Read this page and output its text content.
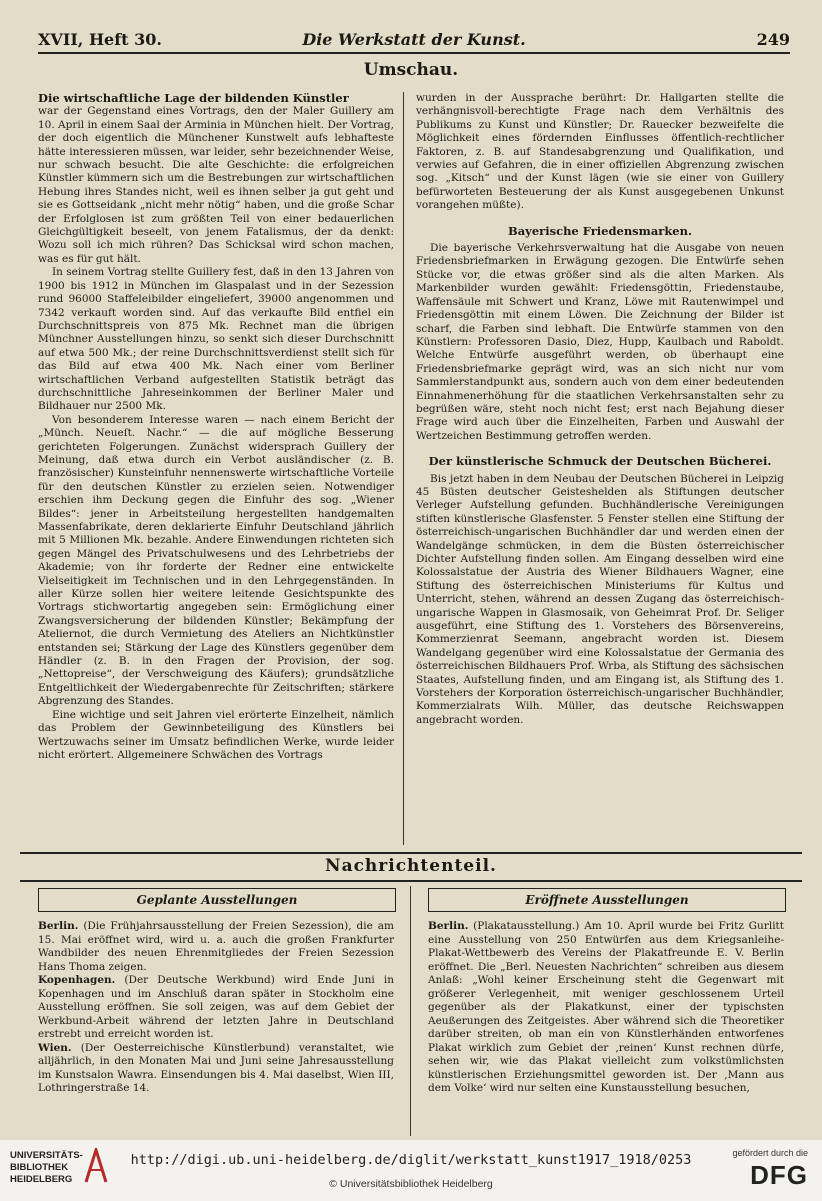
XVII, Heft 30.	Die Werkstatt der Kunst.	249
Umschau.

Die wirtschaftliche Lage der bildenden Künstler

war der Gegenstand eines Vortrags, den der Maler Guillery am 10. April in einem Saal der Arminia in München hielt. Der Vortrag, der doch eigentlich die Münchener Kunstwelt aufs lebhafteste hätte interessieren müssen, war leider, sehr bezeichnender Weise, nur schwach besucht. Die alte Geschichte: die erfolgreichen Künstler kümmern sich um die Bestrebungen zur wirtschaftlichen Hebung ihres Standes nicht, weil es ihnen selber ja gut geht und sie es Gottseidank „nicht mehr nötig“ haben, und die große Schar der Erfolglosen ist zum größten Teil von einer bedauerlichen Gleichgültigkeit beseelt, von jenem Fatalismus, der da denkt: Wozu soll ich mich rühren? Das Schicksal wird schon machen, was es für gut hält.

In seinem Vortrag stellte Guillery fest, daß in den 13 Jahren von 1900 bis 1912 in München im Glaspalast und in der Sezession rund 96000 Staffeleibilder eingeliefert, 39000 angenommen und 7342 verkauft worden sind. Auf das verkaufte Bild entfiel ein Durchschnittspreis von 875 Mk. Rechnet man die übrigen Münchner Ausstellungen hinzu, so senkt sich dieser Durchschnitt auf etwa 500 Mk.; der reine Durchschnittsverdienst stellt sich für das Bild auf etwa 400 Mk. Nach einer vom Berliner wirtschaftlichen Verband aufgestellten Statistik beträgt das durchschnittliche Jahreseinkommen der Berliner Maler und Bildhauer nur 2500 Mk.

Von besonderem Interesse waren — nach einem Bericht der „Münch. Neueſt. Nachr.“ — die auf mögliche Besserung gerichteten Folgerungen. Zunächst widersprach Guillery der Meinung, daß etwa durch ein Verbot ausländischer (z. B. französischer) Kunsteinfuhr nennenswerte wirtschaftliche Vorteile für den deutschen Künstler zu erzielen seien. Notwendiger erschien ihm Deckung gegen die Einfuhr des sog. „Wiener Bildes“: jener in Arbeitsteilung hergestellten handgemalten Massenfabrikate, deren deklarierte Einfuhr Deutschland jährlich mit 5 Millionen Mk. bezahle. Andere Einwendungen richteten sich gegen Mängel des Privatschulwesens und des Lehrbetriebs der Akademie; von ihr forderte der Redner eine entwickelte Vielseitigkeit im Technischen und in den Lehrgegenständen. In aller Kürze sollen hier weitere leitende Gesichtspunkte des Vortrags stichwortartig angegeben sein: Ermöglichung einer Zwangsversicherung der bildenden Künstler; Bekämpfung der Ateliernot, die durch Vermietung des Ateliers an Nichtkünstler entstanden sei; Stärkung der Lage des Künstlers gegenüber dem Händler (z. B. in den Fragen der Provision, der sog. „Nettopreise“, der Verschweigung des Käufers); grundsätzliche Entgeltlichkeit der Wiedergabenrechte für Zeitschriften; stärkere Abgrenzung des Standes.

Eine wichtige und seit Jahren viel erörterte Einzelheit, nämlich das Problem der Gewinnbeteiligung des Künstlers bei Wertzuwachs seiner im Umsatz befindlichen Werke, wurde leider nicht erörtert. Allgemeinere Schwächen des Vortrags

wurden in der Aussprache berührt: Dr. Hallgarten stellte die verhängnisvoll-berechtigte Frage nach dem Verhältnis des Publikums zu Kunst und Künstler; Dr. Rauecker bezweifelte die Möglichkeit eines fördernden Einflusses öffentlich-rechtlicher Faktoren, z. B. auf Standesabgrenzung und Qualifikation, und verwies auf Gefahren, die in einer offiziellen Abgrenzung zwischen sog. „Kitsch“ und der Kunst lägen (wie sie einer von Guillery befürworteten Besteuerung der als Kunst ausgegebenen Unkunst vorangehen müßte).

Bayerische Friedensmarken.

Die bayerische Verkehrsverwaltung hat die Ausgabe von neuen Friedensbriefmarken in Erwägung gezogen. Die Entwürfe sehen Stücke vor, die etwas größer sind als die alten Marken. Als Markenbilder wurden gewählt: Friedensgöttin, Friedenstaube, Waffensäule mit Schwert und Kranz, Löwe mit Rautenwimpel und Friedensgöttin mit einem Löwen. Die Zeichnung der Bilder ist scharf, die Farben sind lebhaft. Die Entwürfe stammen von den Künstlern: Professoren Dasio, Diez, Hupp, Kaulbach und Raboldt. Welche Entwürfe ausgeführt werden, ob überhaupt eine Friedensbriefmarke geprägt wird, was an sich nicht nur vom Sammlerstandpunkt aus, sondern auch von dem einer bedeutenden Einnahmenerhöhung für die staatlichen Verkehrsanstalten sehr zu begrüßen wäre, steht noch nicht fest; erst nach Bejahung dieser Frage wird auch über die Einzelheiten, Farben und Auswahl der Wertzeichen Bestimmung getroffen werden.

Der künstlerische Schmuck der Deutschen Bücherei.

Bis jetzt haben in dem Neubau der Deutschen Bücherei in Leipzig 45 Büsten deutscher Geisteshelden als Stiftungen deutscher Verleger Aufstellung gefunden. Buchhändlerische Vereinigungen stiften künstlerische Glasfenster. 5 Fenster stellen eine Stiftung der österreichisch-ungarischen Buchhändler dar und werden einen der Wandelgänge schmücken, in dem die Büsten österreichischer Dichter Aufstellung finden sollen. Am Eingang desselben wird eine Kolossalstatue der Austria des Wiener Bildhauers Wagner, eine Stiftung des österreichischen Ministeriums für Kultus und Unterricht, stehen, während an dessen Zugang das österreichisch-ungarische Wappen in Glasmosaik, von Geheimrat Prof. Dr. Seliger ausgeführt, eine Stiftung des 1. Vorstehers des Börsenvereins, Kommerzienrat Seemann, angebracht worden ist. Diesem Wandelgang gegenüber wird eine Kolossalstatue der Germania des österreichischen Bildhauers Prof. Wrba, als Stiftung des sächsischen Staates, Aufstellung finden, und am Eingang ist, als Stiftung des 1. Vorstehers der Korporation österreichisch-ungarischer Buchhändler, Kommerzialrats Wilh. Müller, das deutsche Reichswappen angebracht worden.

Nachrichtenteil.
Geplante Ausstellungen	Eröffnete Ausstellungen

Berlin. (Die Frühjahrsausstellung der Freien Sezession), die am 15. Mai eröffnet wird, wird u. a. auch die großen Frankfurter Wandbilder des neuen Ehrenmitgliedes der Freien Sezession Hans Thoma zeigen.

Kopenhagen. (Der Deutsche Werkbund) wird Ende Juni in Kopenhagen und im Anschluß daran später in Stockholm eine Ausstellung eröffnen. Sie soll zeigen, was auf dem Gebiet der Werkbund-Arbeit während der letzten Jahre in Deutschland erstrebt und erreicht worden ist.

Wien. (Der Oesterreichische Künstlerbund) veranstaltet, wie alljährlich, in den Monaten Mai und Juni seine Jahresausstellung im Kunstsalon Wawra. Einsendungen bis 4. Mai daselbst, Wien III, Lothringerstraße 14.

Berlin. (Plakatausstellung.) Am 10. April wurde bei Fritz Gurlitt eine Ausstellung von 250 Entwürfen aus dem Kriegsanleihe-Plakat-Wettbewerb des Vereins der Plakatfreunde E. V. Berlin eröffnet. Die „Berl. Neuesten Nachrichten“ schreiben aus diesem Anlaß: „Wohl keiner Erscheinung steht die Gegenwart mit größerer Verlegenheit, mit weniger geschlossenem Urteil gegenüber als der Plakatkunst, einer der typischsten Aeußerungen des Zeitgeistes. Aber während sich die Theoretiker darüber streiten, ob man ein von Künstlerhänden entworfenes Plakat wirklich zum Gebiet der ‚reinen‘ Kunst rechnen dürfe, sehen wir, wie das Plakat vielleicht zum volkstümlichsten künstlerischen Erziehungsmittel geworden ist. Der ‚Mann aus dem Volke‘ wird nur selten eine Kunstausstellung besuchen,

UNIVERSITÄTS-
BIBLIOTHEK
HEIDELBERG
http://digi.ub.uni-heidelberg.de/diglit/werkstatt_kunst1917_1918/0253
© Universitätsbibliothek Heidelberg
gefördert durch die
DFG
